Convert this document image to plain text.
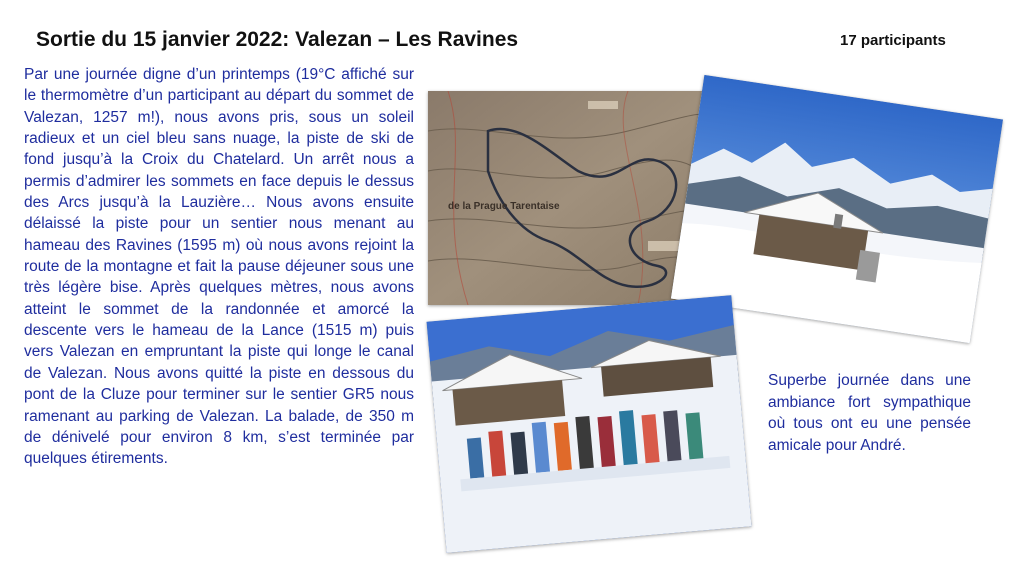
Sortie du 15 janvier 2022: Valezan – Les Ravines	17 participants

Par une journée digne d’un printemps (19°C affiché sur le thermomètre d’un participant au départ du sommet de Valezan, 1257 m!), nous avons pris, sous un soleil radieux et un ciel bleu sans nuage, la piste de ski de fond jusqu’à la Croix du Chatelard. Un arrêt nous a permis d’admirer les sommets en face depuis le dessus des Arcs jusqu’à la Lauzière… Nous avons ensuite délaissé la piste pour un sentier nous menant au hameau des Ravines (1595 m) où nous avons rejoint la route de la montagne et fait la pause déjeuner sous une très légère bise. Après quelques mètres, nous avons atteint le sommet de la randonnée et amorcé la descente vers le hameau de la Lance (1515 m) puis vers Valezan en empruntant la piste qui longe le canal de Valezan. Nous avons quitté la piste en dessous du pont de la Cluze pour terminer sur le sentier GR5 nous ramenant au parking de Valezan. La balade, de 350 m de dénivelé pour environ 8 km, s’est terminée par quelques étirements.

de la Prague Tarentaise

Superbe journée dans une ambiance fort sympathique où tous ont eu une pensée amicale pour André.
